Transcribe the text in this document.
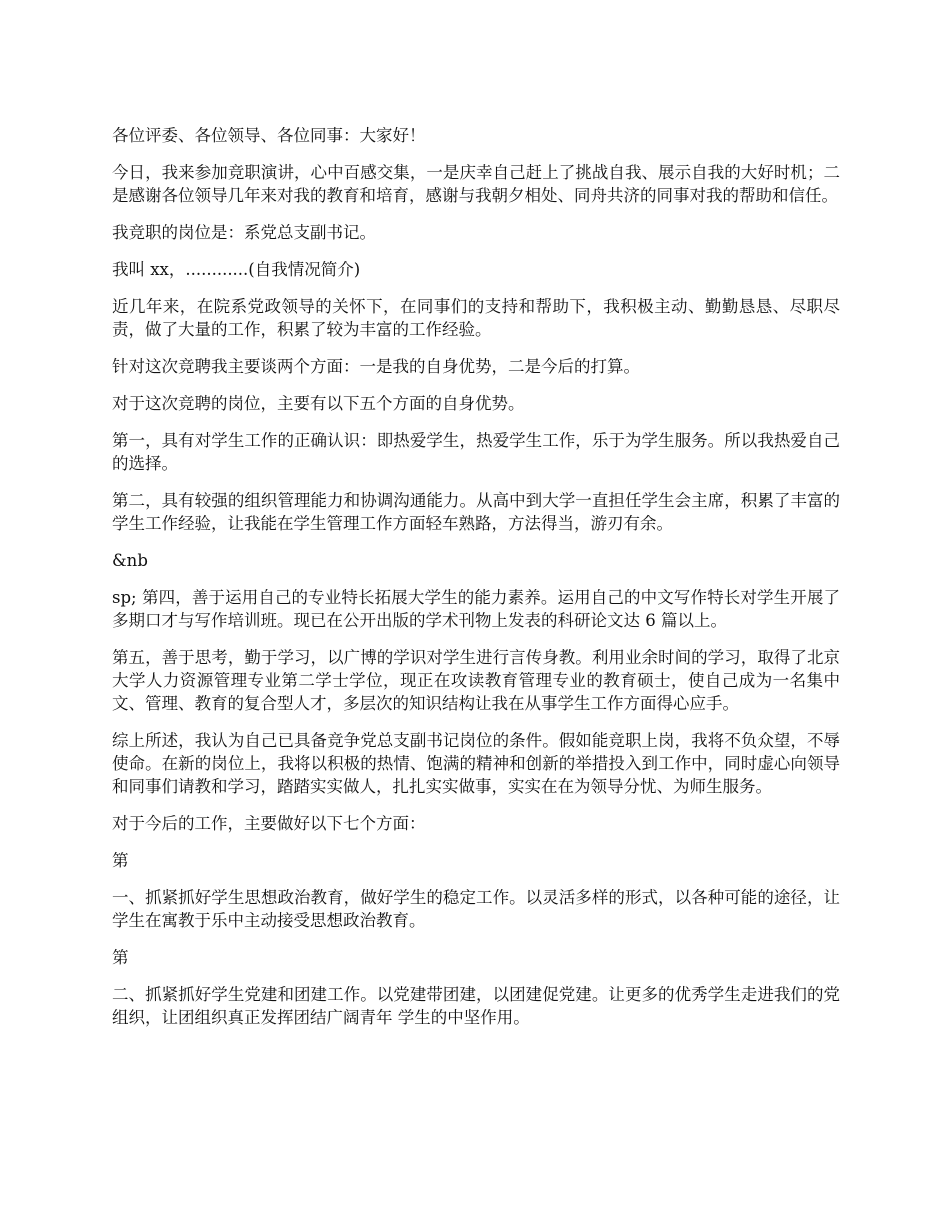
各位评委、各位领导、各位同事：大家好！

今日，我来参加竞职演讲，心中百感交集，一是庆幸自己赶上了挑战自我、展示自我的大好时机；二是感谢各位领导几年来对我的教育和培育，感谢与我朝夕相处、同舟共济的同事对我的帮助和信任。

我竞职的岗位是：系党总支副书记。

我叫 xx，............(自我情况简介)

近几年来，在院系党政领导的关怀下，在同事们的支持和帮助下，我积极主动、勤勤恳恳、尽职尽责，做了大量的工作，积累了较为丰富的工作经验。

针对这次竞聘我主要谈两个方面：一是我的自身优势，二是今后的打算。

对于这次竞聘的岗位，主要有以下五个方面的自身优势。

第一，具有对学生工作的正确认识：即热爱学生，热爱学生工作，乐于为学生服务。所以我热爱自己的选择。

第二，具有较强的组织管理能力和协调沟通能力。从高中到大学一直担任学生会主席，积累了丰富的学生工作经验，让我能在学生管理工作方面轻车熟路，方法得当，游刃有余。

&nb

sp; 第四，善于运用自己的专业特长拓展大学生的能力素养。运用自己的中文写作特长对学生开展了多期口才与写作培训班。现已在公开出版的学术刊物上发表的科研论文达 6 篇以上。

第五，善于思考，勤于学习，以广博的学识对学生进行言传身教。利用业余时间的学习，取得了北京大学人力资源管理专业第二学士学位，现正在攻读教育管理专业的教育硕士，使自己成为一名集中文、管理、教育的复合型人才，多层次的知识结构让我在从事学生工作方面得心应手。

综上所述，我认为自己已具备竞争党总支副书记岗位的条件。假如能竞职上岗，我将不负众望，不辱使命。在新的岗位上，我将以积极的热情、饱满的精神和创新的举措投入到工作中，同时虚心向领导和同事们请教和学习，踏踏实实做人，扎扎实实做事，实实在在为领导分忧、为师生服务。

对于今后的工作，主要做好以下七个方面：

第

一、抓紧抓好学生思想政治教育，做好学生的稳定工作。以灵活多样的形式，以各种可能的途径，让学生在寓教于乐中主动接受思想政治教育。

第

二、抓紧抓好学生党建和团建工作。以党建带团建，以团建促党建。让更多的优秀学生走进我们的党组织，让团组织真正发挥团结广阔青年 学生的中坚作用。
